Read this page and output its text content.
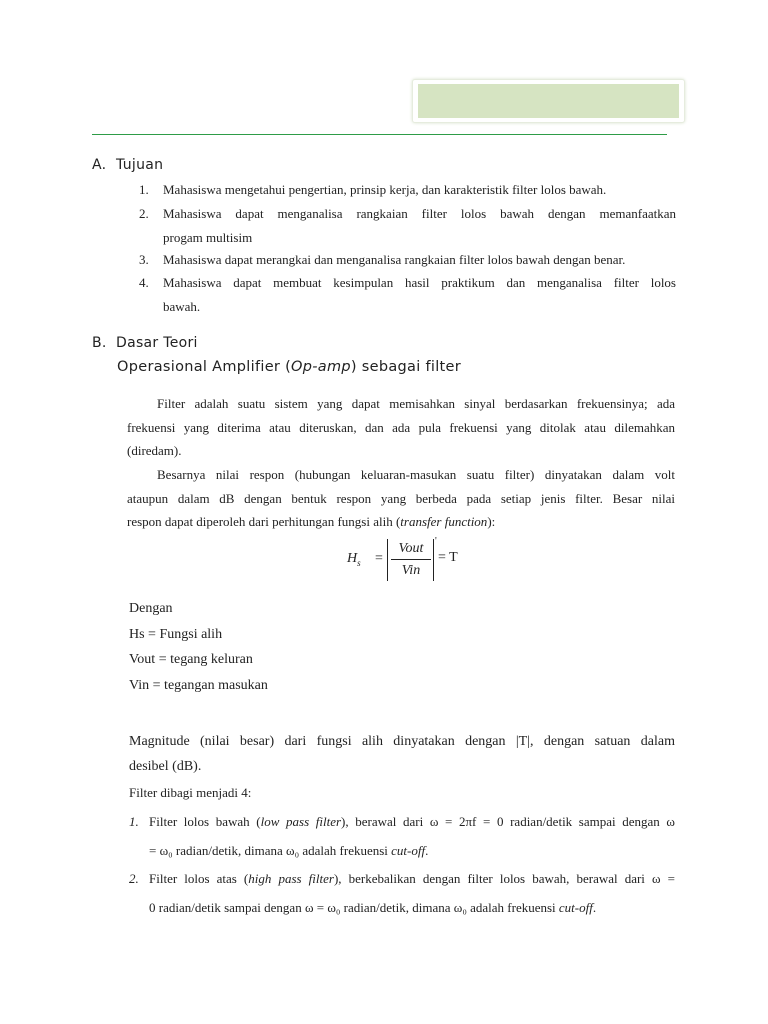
A. Tujuan
1. Mahasiswa mengetahui pengertian, prinsip kerja, dan karakteristik filter lolos bawah.
2. Mahasiswa dapat menganalisa rangkaian filter lolos bawah dengan memanfaatkan
progam multisim
3. Mahasiswa dapat merangkai dan menganalisa rangkaian filter lolos bawah dengan benar.
4. Mahasiswa dapat membuat kesimpulan hasil praktikum dan menganalisa filter lolos
bawah.
B. Dasar Teori
Operasional Amplifier (Op-amp) sebagai filter
Filter adalah suatu sistem yang dapat memisahkan sinyal berdasarkan frekuensinya; ada
frekuensi yang diterima atau diteruskan, dan ada pula frekuensi yang ditolak atau dilemahkan
(diredam).
Besarnya nilai respon (hubungan keluaran-masukan suatu filter) dinyatakan dalam volt
ataupun dalam dB dengan bentuk respon yang berbeda pada setiap jenis filter. Besar nilai
respon dapat diperoleh dari perhitungan fungsi alih (transfer function):
$H_s$ =
Vout
Vin
'
= T
Dengan
Hs = Fungsi alih
Vout = tegang keluran
Vin = tegangan masukan
Magnitude (nilai besar) dari fungsi alih dinyatakan dengan |T|, dengan satuan dalam
desibel (dB).
Filter dibagi menjadi 4:
1. Filter lolos bawah (low pass filter), berawal dari ω = 2πf = 0 radian/detik sampai dengan ω
= ω₀ radian/detik, dimana ω₀ adalah frekuensi cut-off.
2. Filter lolos atas (high pass filter), berkebalikan dengan filter lolos bawah, berawal dari ω =
0 radian/detik sampai dengan ω = ω₀ radian/detik, dimana ω₀ adalah frekuensi cut-off.
